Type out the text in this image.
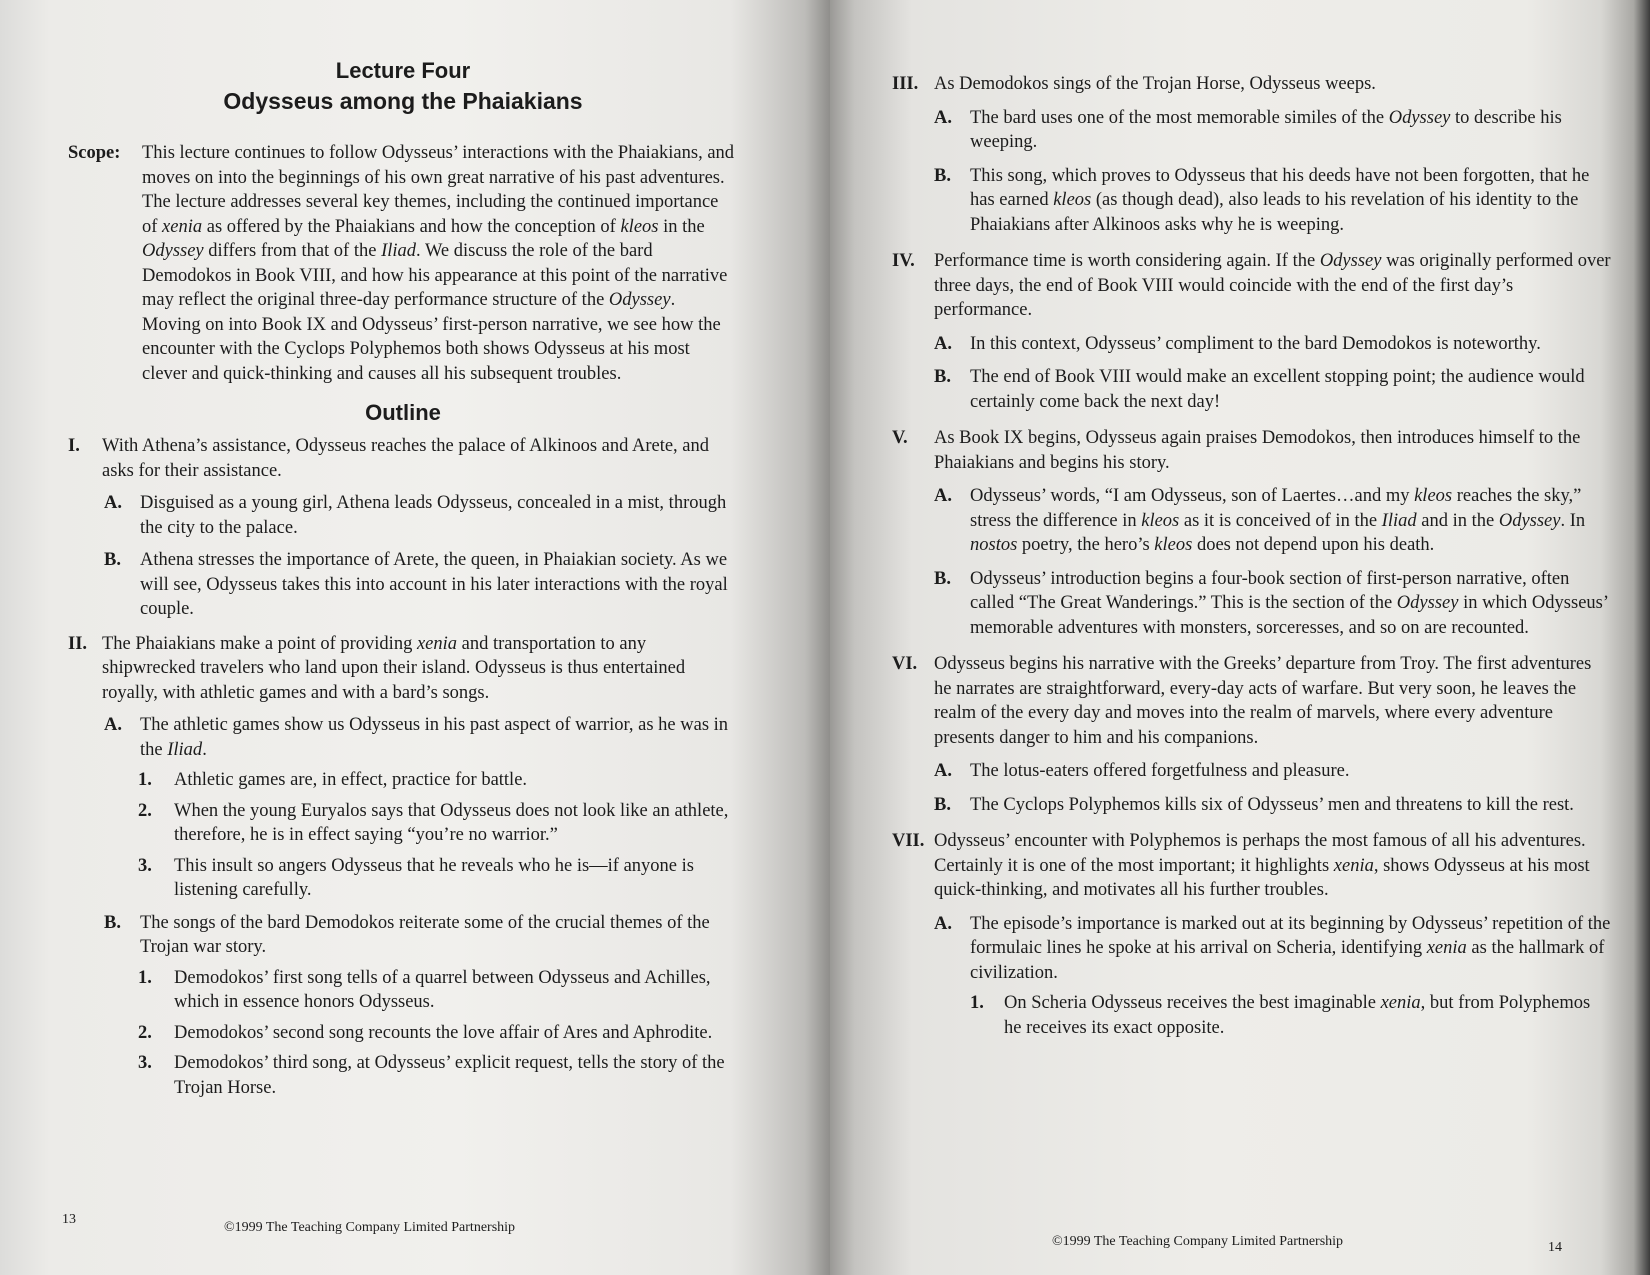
Lecture Four
Odysseus among the Phaiakians
Scope:	This lecture continues to follow Odysseus’ interactions with the Phaiakians, and moves on into the beginnings of his own great narrative of his past adventures. The lecture addresses several key themes, including the continued importance of xenia as offered by the Phaiakians and how the conception of kleos in the Odyssey differs from that of the Iliad. We discuss the role of the bard Demodokos in Book VIII, and how his appearance at this point of the narrative may reflect the original three-day performance structure of the Odyssey. Moving on into Book IX and Odysseus’ first-person narrative, we see how the encounter with the Cyclops Polyphemos both shows Odysseus at his most clever and quick-thinking and causes all his subsequent troubles.
Outline
I.	With Athena’s assistance, Odysseus reaches the palace of Alkinoos and Arete, and asks for their assistance.
A. Disguised as a young girl, Athena leads Odysseus, concealed in a mist, through the city to the palace.
B.	Athena stresses the importance of Arete, the queen, in Phaiakian society. As we will see, Odysseus takes this into account in his later interactions with the royal couple.
II. The Phaiakians make a point of providing xenia and transportation to any shipwrecked travelers who land upon their island. Odysseus is thus entertained royally, with athletic games and with a bard’s songs.
A. The athletic games show us Odysseus in his past aspect of warrior, as he was in the Iliad.
1.	Athletic games are, in effect, practice for battle.
2.	When the young Euryalos says that Odysseus does not look like an athlete, therefore, he is in effect saying “you’re no warrior.”
3.	This insult so angers Odysseus that he reveals who he is—if anyone is listening carefully.
B.	The songs of the bard Demodokos reiterate some of the crucial themes of the Trojan war story.
1.	Demodokos’ first song tells of a quarrel between Odysseus and Achilles, which in essence honors Odysseus.
2.	Demodokos’ second song recounts the love affair of Ares and Aphrodite.
3.	Demodokos’ third song, at Odysseus’ explicit request, tells the story of the Trojan Horse.
13
©1999 The Teaching Company Limited Partnership
III. As Demodokos sings of the Trojan Horse, Odysseus weeps.
A. The bard uses one of the most memorable similes of the Odyssey to describe his weeping.
B.	This song, which proves to Odysseus that his deeds have not been forgotten, that he has earned kleos (as though dead), also leads to his revelation of his identity to the Phaiakians after Alkinoos asks why he is weeping.
IV.	Performance time is worth considering again. If the Odyssey was originally performed over three days, the end of Book VIII would coincide with the end of the first day’s performance.
A. In this context, Odysseus’ compliment to the bard Demodokos is noteworthy.
B.	The end of Book VIII would make an excellent stopping point; the audience would certainly come back the next day!
V.	As Book IX begins, Odysseus again praises Demodokos, then introduces himself to the Phaiakians and begins his story.
A. Odysseus’ words, “I am Odysseus, son of Laertes…and my kleos reaches the sky,” stress the difference in kleos as it is conceived of in the Iliad and in the Odyssey. In nostos poetry, the hero’s kleos does not depend upon his death.
B.	Odysseus’ introduction begins a four-book section of first-person narrative, often called “The Great Wanderings.” This is the section of the Odyssey in which Odysseus’ memorable adventures with monsters, sorceresses, and so on are recounted.
VI. Odysseus begins his narrative with the Greeks’ departure from Troy. The first adventures he narrates are straightforward, every-day acts of warfare. But very soon, he leaves the realm of the every day and moves into the realm of marvels, where every adventure presents danger to him and his companions.
A. The lotus-eaters offered forgetfulness and pleasure.
B.	The Cyclops Polyphemos kills six of Odysseus’ men and threatens to kill the rest.
VII. Odysseus’ encounter with Polyphemos is perhaps the most famous of all his adventures. Certainly it is one of the most important; it highlights xenia, shows Odysseus at his most quick-thinking, and motivates all his further troubles.
A. The episode’s importance is marked out at its beginning by Odysseus’ repetition of the formulaic lines he spoke at his arrival on Scheria, identifying xenia as the hallmark of civilization.
1.	On Scheria Odysseus receives the best imaginable xenia, but from Polyphemos he receives its exact opposite.
©1999 The Teaching Company Limited Partnership	14
